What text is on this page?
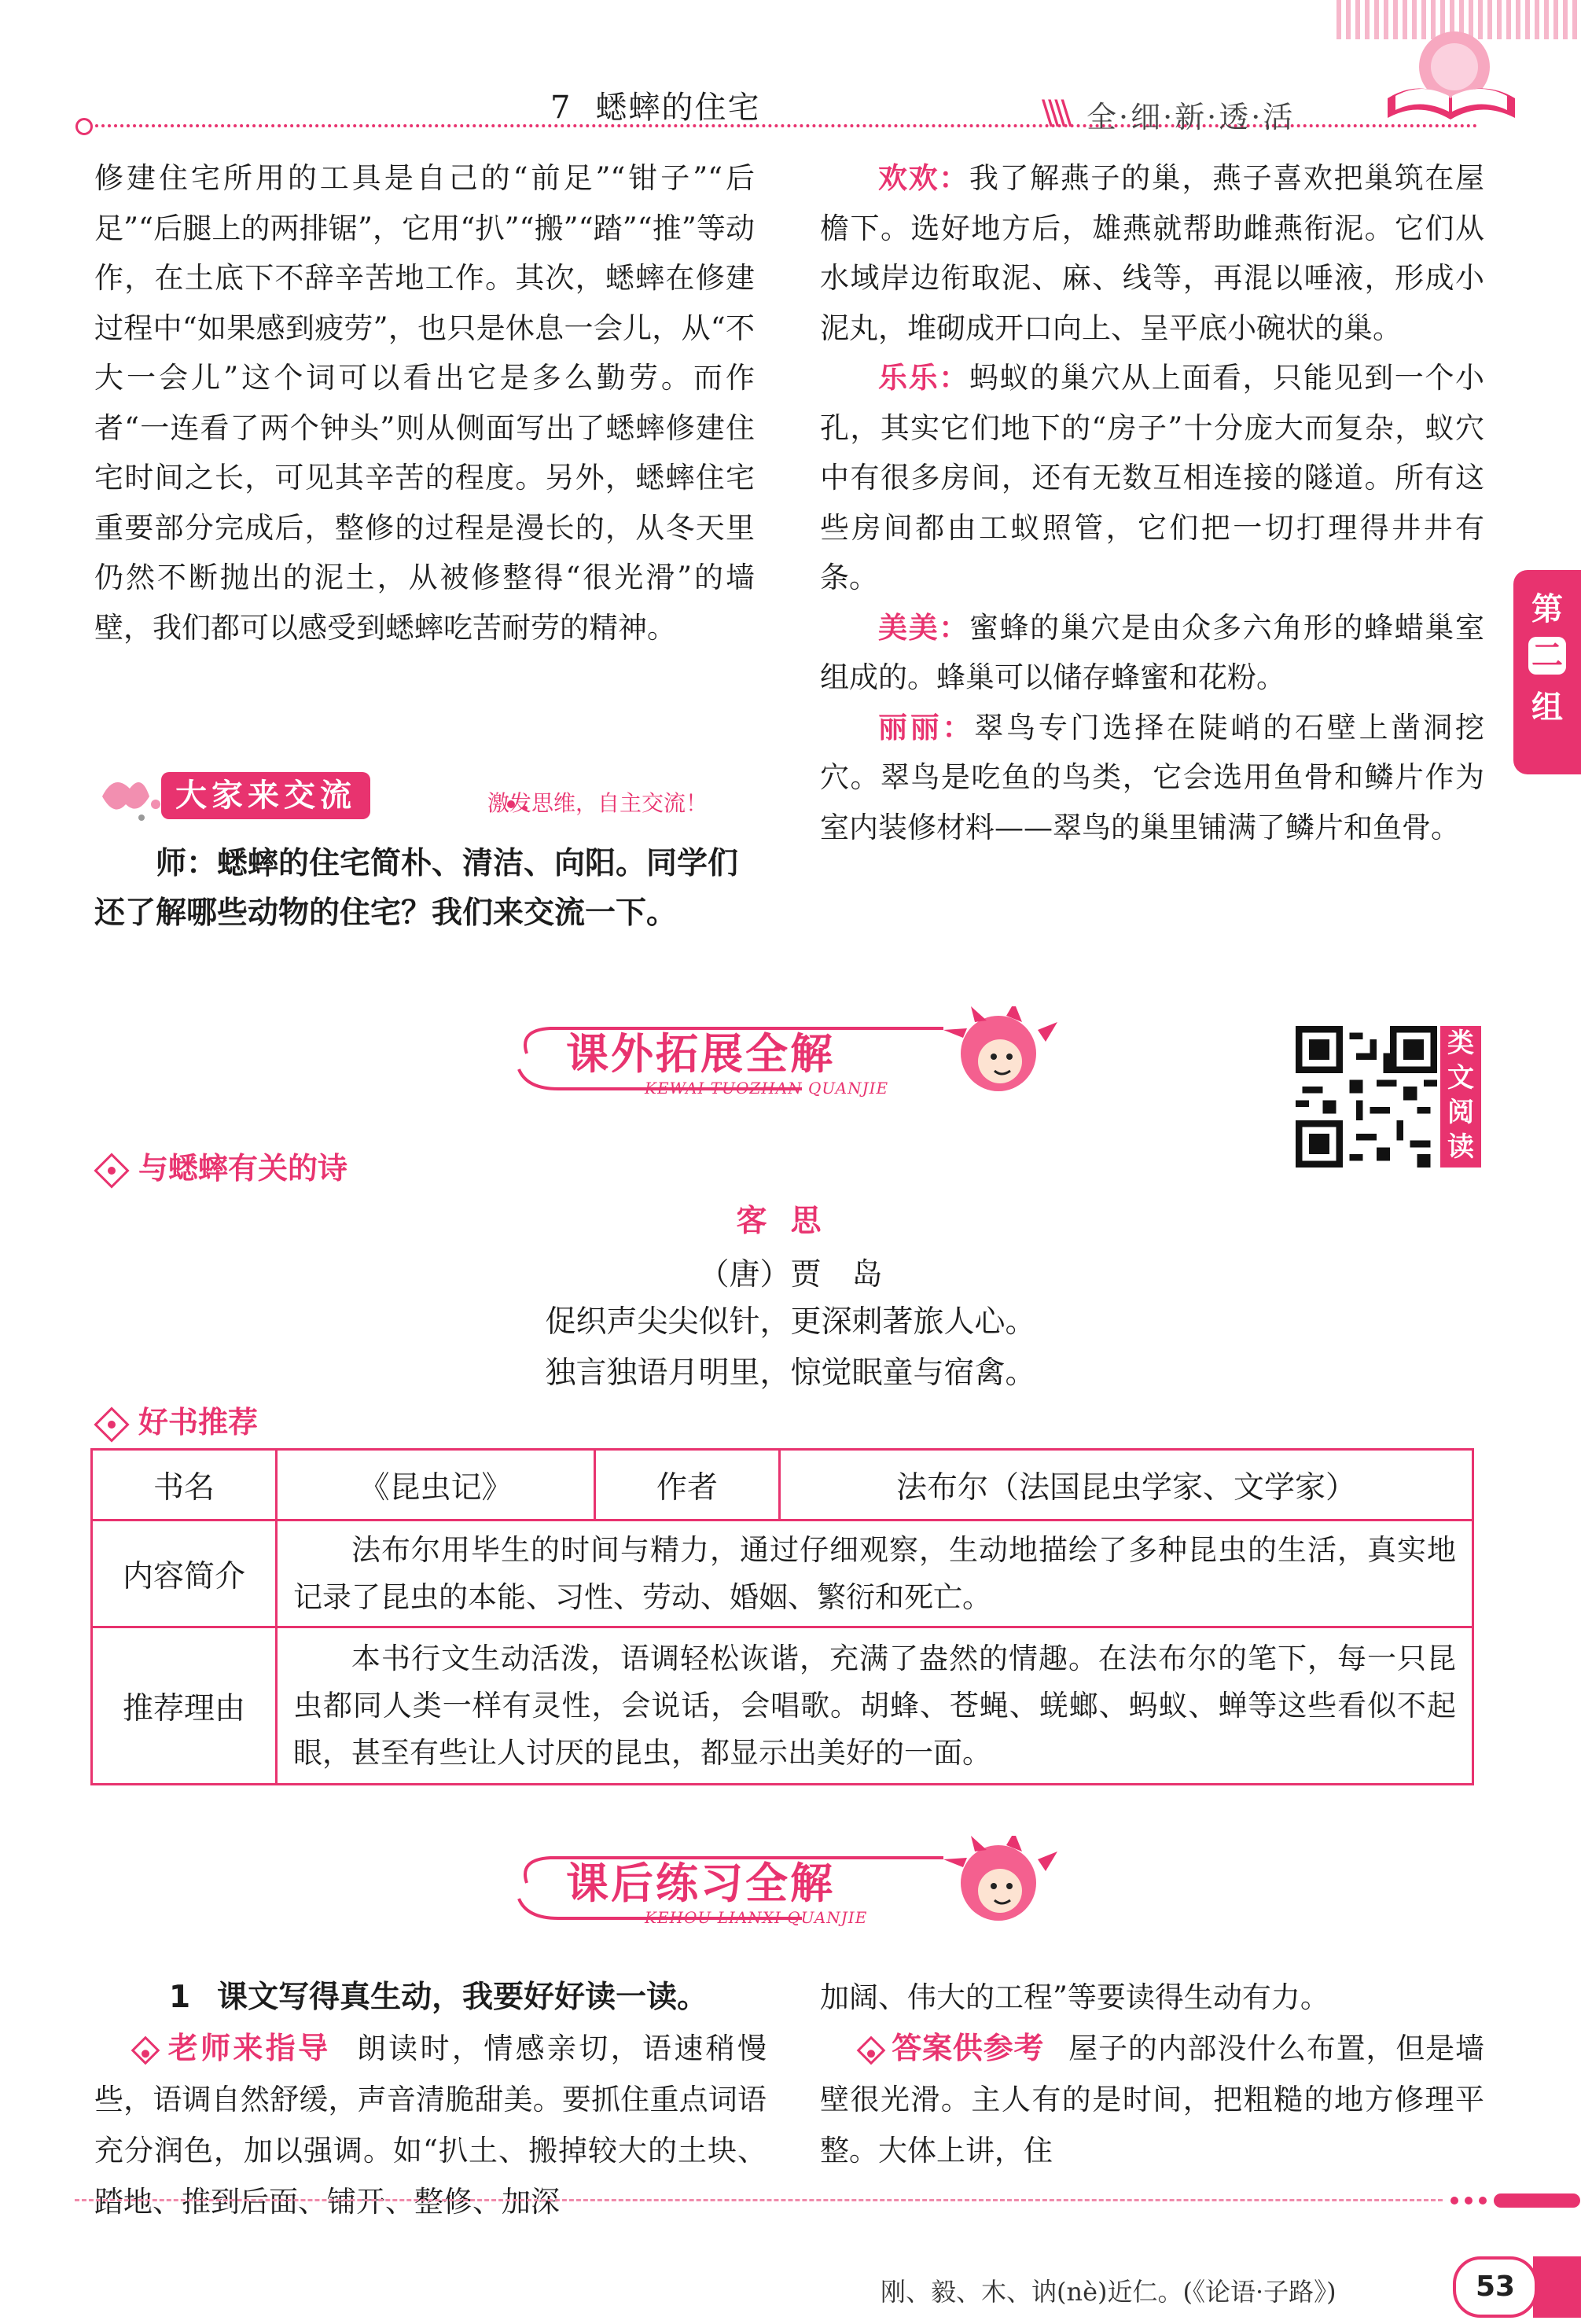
7 蟋蟀的住宅	\\\\ 全·细·新·透·活
修建住宅所用的工具是自己的“前足”“钳子”“后足”“后腿上的两排锯”，它用“扒”“搬”“踏”“推”等动作，在土底下不辞辛苦地工作。其次，蟋蟀在修建过程中“如果感到疲劳”，也只是休息一会儿，从“不大一会儿”这个词可以看出它是多么勤劳。而作者“一连看了两个钟头”则从侧面写出了蟋蟀修建住宅时间之长，可见其辛苦的程度。另外，蟋蟀住宅重要部分完成后，整修的过程是漫长的，从冬天里仍然不断抛出的泥土，从被修整得“很光滑”的墙壁，我们都可以感受到蟋蟀吃苦耐劳的精神。
欢欢：我了解燕子的巢，燕子喜欢把巢筑在屋檐下。选好地方后，雄燕就帮助雌燕衔泥。它们从水域岸边衔取泥、麻、线等，再混以唾液，形成小泥丸，堆砌成开口向上、呈平底小碗状的巢。
乐乐：蚂蚁的巢穴从上面看，只能见到一个小孔，其实它们地下的“房子”十分庞大而复杂，蚁穴中有很多房间，还有无数互相连接的隧道。所有这些房间都由工蚁照管，它们把一切打理得井井有条。
美美：蜜蜂的巢穴是由众多六角形的蜂蜡巢室组成的。蜂巢可以储存蜂蜜和花粉。
丽丽：翠鸟专门选择在陡峭的石壁上凿洞挖穴。翠鸟是吃鱼的鸟类，它会选用鱼骨和鳞片作为室内装修材料——翠鸟的巢里铺满了鳞片和鱼骨。
第
二
组
大家来交流	激发思维，自主交流！
师：蟋蟀的住宅简朴、清洁、向阳。同学们还了解哪些动物的住宅？我们来交流一下。
课外拓展全解
KEWAI TUOZHAN QUANJIE
类
文
阅
读
与蟋蟀有关的诗
客思
（唐）贾　岛
促织声尖尖似针，更深刺著旅人心。
独言独语月明里，惊觉眠童与宿禽。
好书推荐
书名	《昆虫记》	作者	法布尔（法国昆虫学家、文学家）
内容简介	法布尔用毕生的时间与精力，通过仔细观察，生动地描绘了多种昆虫的生活，真实地记录了昆虫的本能、习性、劳动、婚姻、繁衍和死亡。		
推荐理由	本书行文生动活泼，语调轻松诙谐，充满了盎然的情趣。在法布尔的笔下，每一只昆虫都同人类一样有灵性，会说话，会唱歌。胡蜂、苍蝇、蜣螂、蚂蚁、蝉等这些看似不起眼，甚至有些让人讨厌的昆虫，都显示出美好的一面。		
课后练习全解
KEHOU LIANXI QUANJIE
1 课文写得真生动，我要好好读一读。
老师来指导 朗读时，情感亲切，语速稍慢些，语调自然舒缓，声音清脆甜美。要抓住重点词语充分润色，加以强调。如“扒土、搬掉较大的土块、踏地、推到后面、铺开、整修、加深
加阔、伟大的工程”等要读得生动有力。
答案供参考 屋子的内部没什么布置，但是墙壁很光滑。主人有的是时间，把粗糙的地方修理平整。大体上讲，住
刚、毅、木、讷(nè)近仁。(《论语·子路》)	53
